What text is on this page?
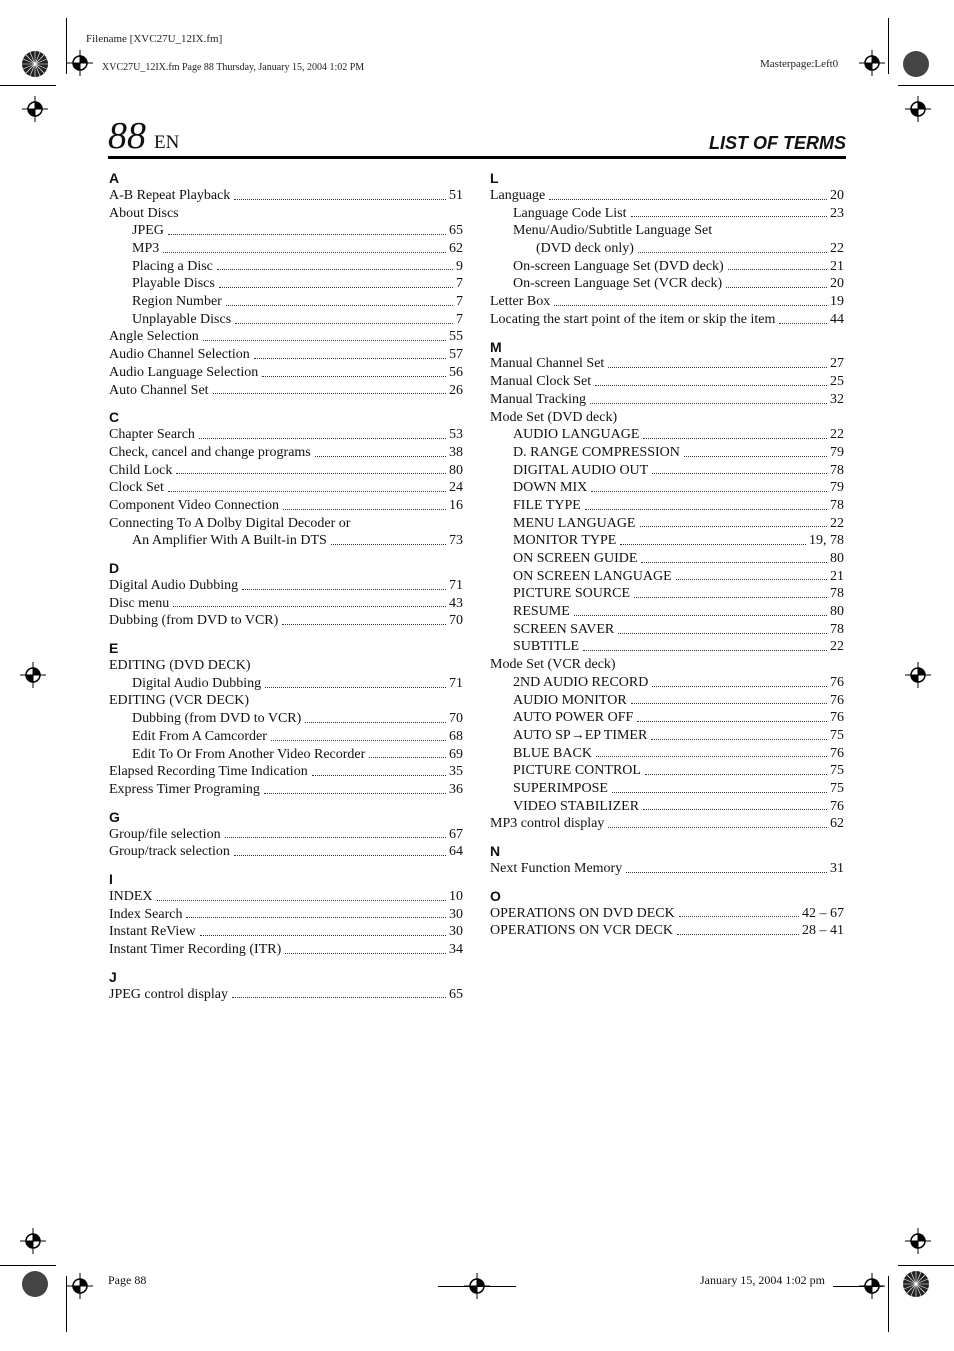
Filename [XVC27U_12IX.fm]
XVC27U_12IX.fm Page 88 Thursday, January 15, 2004 1:02 PM	Masterpage:Left0
88 EN	LIST OF TERMS
A
A-B Repeat Playback	51
About Discs
JPEG	65
MP3	62
Placing a Disc	9
Playable Discs	7
Region Number	7
Unplayable Discs	7
Angle Selection	55
Audio Channel Selection	57
Audio Language Selection	56
Auto Channel Set	26
C
Chapter Search	53
Check, cancel and change programs	38
Child Lock	80
Clock Set	24
Component Video Connection	16
Connecting To A Dolby Digital Decoder or
An Amplifier With A Built-in DTS	73
D
Digital Audio Dubbing	71
Disc menu	43
Dubbing (from DVD to VCR)	70
E
EDITING (DVD DECK)
Digital Audio Dubbing	71
EDITING (VCR DECK)
Dubbing (from DVD to VCR)	70
Edit From A Camcorder	68
Edit To Or From Another Video Recorder	69
Elapsed Recording Time Indication	35
Express Timer Programing	36
G
Group/file selection	67
Group/track selection	64
I
INDEX	10
Index Search	30
Instant ReView	30
Instant Timer Recording (ITR)	34
J
JPEG control display	65
L
Language	20
Language Code List	23
Menu/Audio/Subtitle Language Set
(DVD deck only)	22
On-screen Language Set (DVD deck)	21
On-screen Language Set (VCR deck)	20
Letter Box	19
Locating the start point of the item or skip the item	44
M
Manual Channel Set	27
Manual Clock Set	25
Manual Tracking	32
Mode Set (DVD deck)
AUDIO LANGUAGE	22
D. RANGE COMPRESSION	79
DIGITAL AUDIO OUT	78
DOWN MIX	79
FILE TYPE	78
MENU LANGUAGE	22
MONITOR TYPE	19, 78
ON SCREEN GUIDE	80
ON SCREEN LANGUAGE	21
PICTURE SOURCE	78
RESUME	80
SCREEN SAVER	78
SUBTITLE	22
Mode Set (VCR deck)
2ND AUDIO RECORD	76
AUDIO MONITOR	76
AUTO POWER OFF	76
AUTO SP→EP TIMER	75
BLUE BACK	76
PICTURE CONTROL	75
SUPERIMPOSE	75
VIDEO STABILIZER	76
MP3 control display	62
N
Next Function Memory	31
O
OPERATIONS ON DVD DECK	42 – 67
OPERATIONS ON VCR DECK	28 – 41
Page 88	January 15, 2004 1:02 pm
